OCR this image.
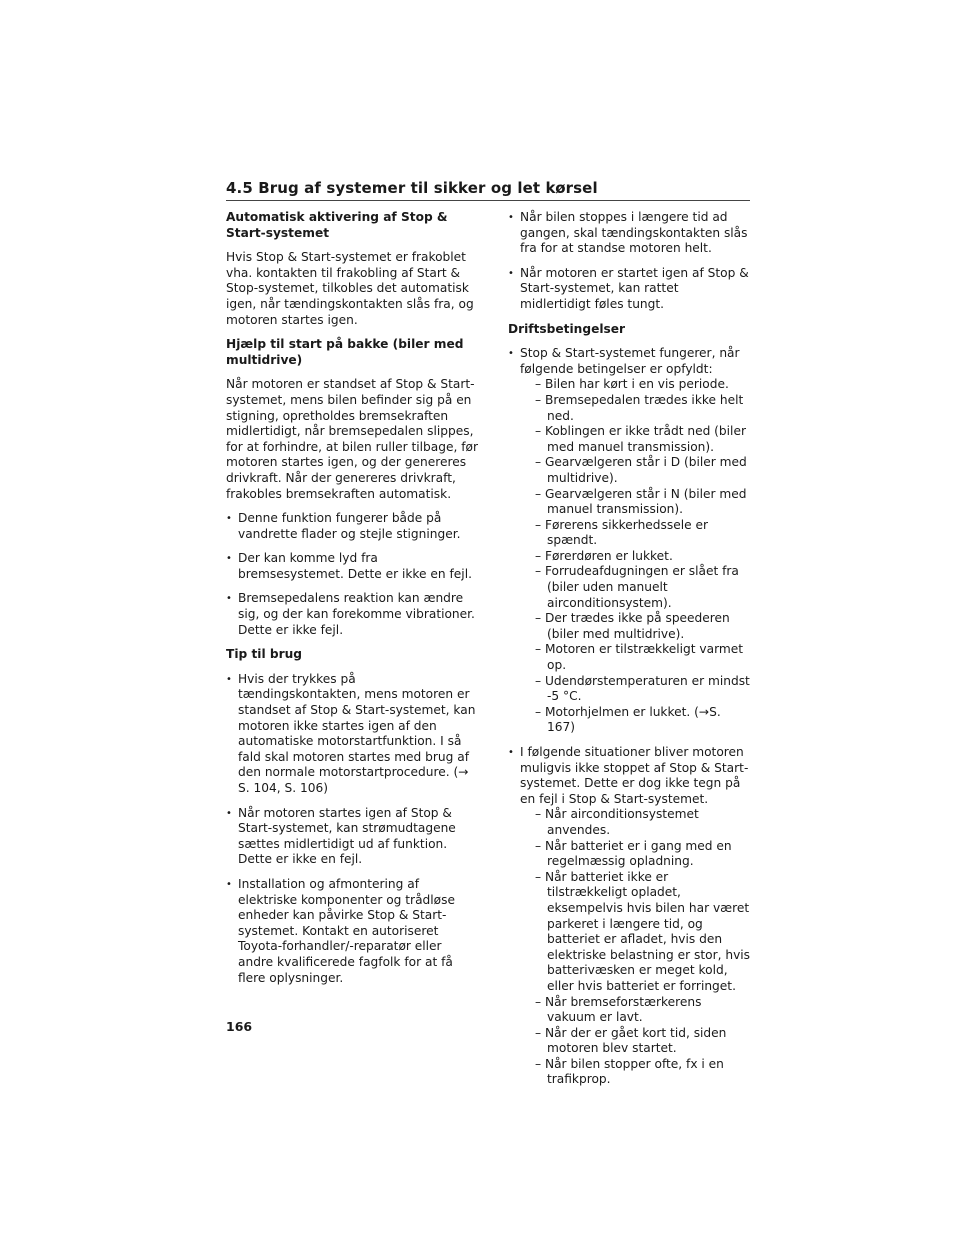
4.5 Brug af systemer til sikker og let kørsel
Automatisk aktivering af Stop & Start-systemet

Hvis Stop & Start-systemet er frakoblet vha. kontakten til frakobling af Start & Stop-systemet, tilkobles det automatisk igen, når tændingskontakten slås fra, og motoren startes igen.

Hjælp til start på bakke (biler med multidrive)

Når motoren er standset af Stop & Start-systemet, mens bilen befinder sig på en stigning, opretholdes bremsekraften midlertidigt, når bremsepedalen slippes, for at forhindre, at bilen ruller tilbage, før motoren startes igen, og der genereres drivkraft. Når der genereres drivkraft, frakobles bremsekraften automatisk.

• Denne funktion fungerer både på vandrette flader og stejle stigninger.
• Der kan komme lyd fra bremsesystemet. Dette er ikke en fejl.
• Bremsepedalens reaktion kan ændre sig, og der kan forekomme vibrationer. Dette er ikke fejl.
Tip til brug
• Hvis der trykkes på tændingskontakten, mens motoren er standset af Stop & Start-systemet, kan motoren ikke startes igen af den automatiske motorstartfunktion. I så fald skal motoren startes med brug af den normale motorstartprocedure. (→ S. 104, S. 106)
• Når motoren startes igen af Stop & Start-systemet, kan strømudtagene sættes midlertidigt ud af funktion. Dette er ikke en fejl.
• Installation og afmontering af elektriske komponenter og trådløse enheder kan påvirke Stop & Start-systemet. Kontakt en autoriseret Toyota-forhandler/-reparatør eller andre kvalificerede fagfolk for at få flere oplysninger.
• Når bilen stoppes i længere tid ad gangen, skal tændingskontakten slås fra for at standse motoren helt.
• Når motoren er startet igen af Stop & Start-systemet, kan rattet midlertidigt føles tungt.
Driftsbetingelser
• Stop & Start-systemet fungerer, når følgende betingelser er opfyldt:
– Bilen har kørt i en vis periode.
– Bremsepedalen trædes ikke helt ned.
– Koblingen er ikke trådt ned (biler med manuel transmission).
– Gearvælgeren står i D (biler med multidrive).
– Gearvælgeren står i N (biler med manuel transmission).
– Førerens sikkerhedssele er spændt.
– Førerdøren er lukket.
– Forrudeafdugningen er slået fra (biler uden manuelt airconditionsystem).
– Der trædes ikke på speederen (biler med multidrive).
– Motoren er tilstrækkeligt varmet op.
– Udendørstemperaturen er mindst -5 °C.
– Motorhjelmen er lukket. (→S. 167)
• I følgende situationer bliver motoren muligvis ikke stoppet af Stop & Start-systemet. Dette er dog ikke tegn på en fejl i Stop & Start-systemet.
– Når airconditionsystemet anvendes.
– Når batteriet er i gang med en regelmæssig opladning.
– Når batteriet ikke er tilstrækkeligt opladet, eksempelvis hvis bilen har været parkeret i længere tid, og batteriet er afladet, hvis den elektriske belastning er stor, hvis batterivæsken er meget kold, eller hvis batteriet er forringet.
– Når bremseforstærkerens vakuum er lavt.
– Når der er gået kort tid, siden motoren blev startet.
– Når bilen stopper ofte, fx i en trafikprop.
166
